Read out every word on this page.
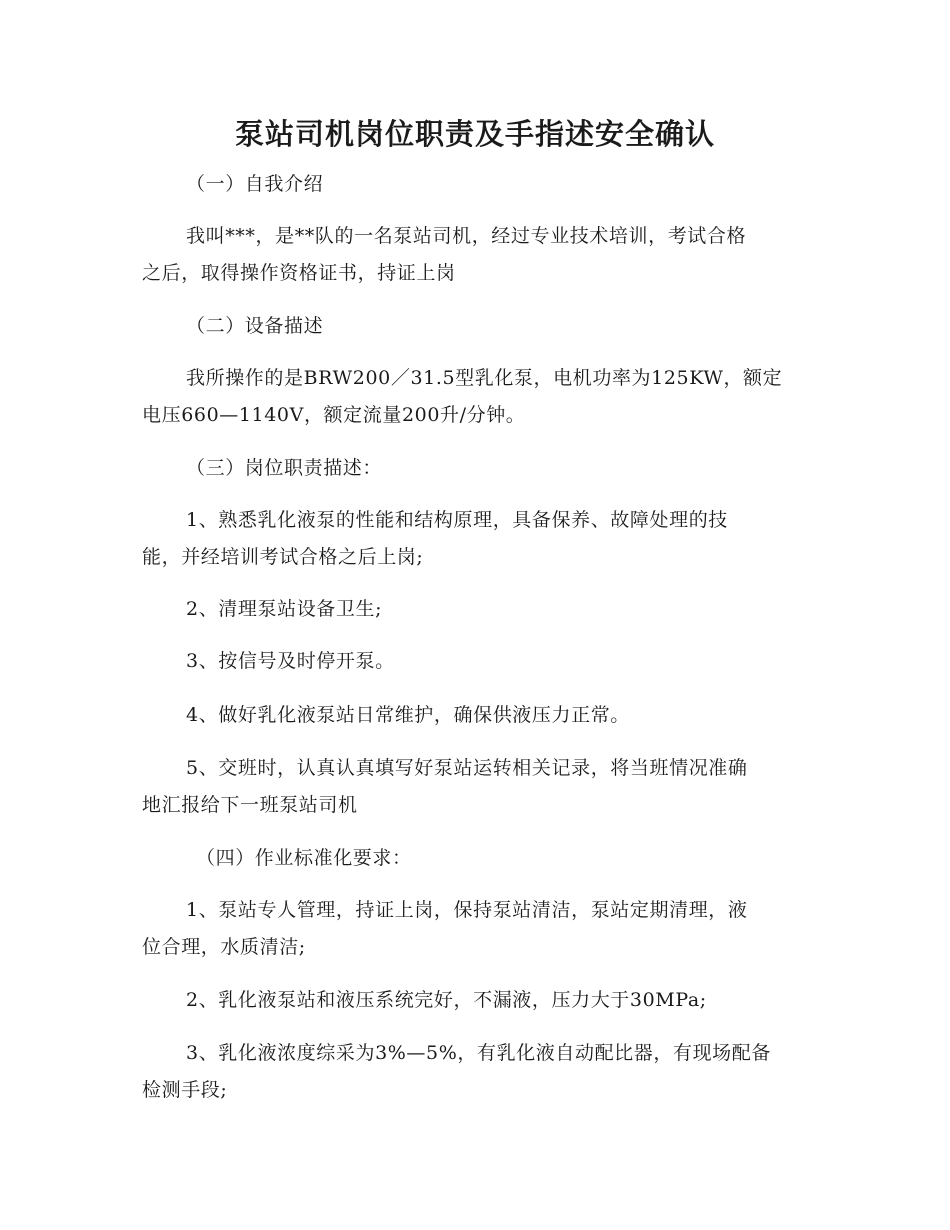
泵站司机岗位职责及手指述安全确认
（一）自我介绍
我叫***，是**队的一名泵站司机，经过专业技术培训，考试合格
之后，取得操作资格证书，持证上岗
（二）设备描述
我所操作的是BRW200／31.5型乳化泵，电机功率为125KW，额定
电压660—1140V，额定流量200升/分钟。
（三）岗位职责描述：
1、熟悉乳化液泵的性能和结构原理，具备保养、故障处理的技
能，并经培训考试合格之后上岗;
2、清理泵站设备卫生;
3、按信号及时停开泵。
4、做好乳化液泵站日常维护，确保供液压力正常。
5、交班时，认真认真填写好泵站运转相关记录，将当班情况准确
地汇报给下一班泵站司机
（四）作业标准化要求：
1、泵站专人管理，持证上岗，保持泵站清洁，泵站定期清理，液
位合理，水质清洁;
2、乳化液泵站和液压系统完好，不漏液，压力大于30MPa;
3、乳化液浓度综采为3%—5%，有乳化液自动配比器，有现场配备
检测手段;
